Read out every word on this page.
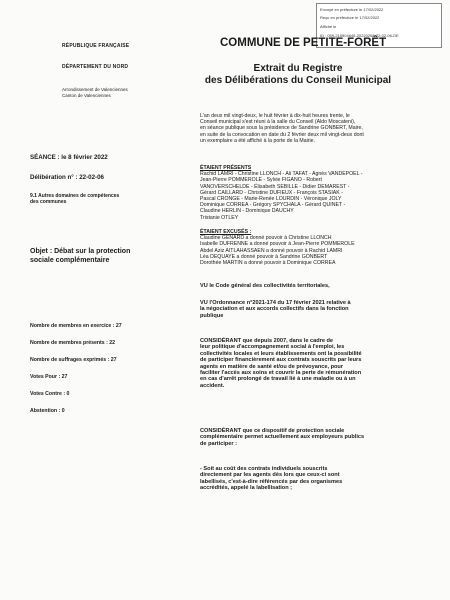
Envoyé en préfecture le 17/02/2022
Reçu en préfecture le 17/02/2022
Affiché le
ID : 059-215904645-20220208-22-02-06-DE
RÉPUBLIQUE FRANÇAISE
DÉPARTEMENT DU NORD
Arrondissement de Valenciennes
Canton de Valenciennes
COMMUNE DE PETITE-FORÊT
Extrait du Registre
des Délibérations du Conseil Municipal
L'an deux mil vingt-deux, le huit février à dix-huit heures trente, le
Conseil municipal s'est réuni à la salle du Conseil (Aldo Moscateni),
en séance publique sous la présidence de Sandrine GONBERT, Maire,
en suite de la convocation en date du 2 février deux mil vingt-deux dont
un exemplaire a été affiché à la porte de la Mairie.
SÉANCE : le 8 février 2022
Délibération n° : 22-02-06
9.1 Autres domaines de compétences
des communes
ÉTAIENT PRÉSENTS
Rachid LAMRI - Christine LLONCH - Ali TAFAT - Agnès VANDEPOEL -
Jean-Pierre POMMEROLE - Sylvie FIGANO - Robert
VANOVERSCHELDE - Élisabeth SEBILLE - Didier DEMAREST -
Gérard CAILLARD - Christine DUFIEUX - François STASIAK -
Pascal CRONGE - Marie-Renée LOURDIN - Véronique JOLY
Dominique CORREA - Grégory SPYCHALA - Gérard QUINET -
Claudine HERLIN - Dominique DAUCHY
Tristanie OTLEY
ÉTAIENT EXCUSÉS :
Claudine GENARD a donné pouvoir à Christine LLONCH
Isabelle DUFRENNE a donné pouvoir à Jean-Pierre POMMEROLE
Abdel Aziz AITLAHASSAEN a donné pouvoir à Rachid LAMRI
Léa DEQUAYE a donné pouvoir à Sandrine GONBERT
Dorothée MARTIN a donné pouvoir à Dominique CORREA
Objet : Débat sur la protection
sociale complémentaire
Nombre de membres en exercice : 27
Nombre de membres présents : 22
Nombre de suffrages exprimés : 27
Votes Pour : 27
Votes Contre : 0
Abstention : 0
VU le Code général des collectivités territoriales,
VU l'Ordonnance n°2021-174 du 17 février 2021 relative à
la négociation et aux accords collectifs dans la fonction
publique
CONSIDÉRANT que depuis 2007, dans le cadre de
leur politique d'accompagnement social à l'emploi, les
collectivités locales et leurs établissements ont la possibilité
de participer financièrement aux contrats souscrits par leurs
agents en matière de santé et/ou de prévoyance, pour
faciliter l'accès aux soins et couvrir la perte de rémunération
en cas d'arrêt prolongé de travail lié à une maladie ou à un
accident.
CONSIDÉRANT que ce dispositif de protection sociale
complémentaire permet actuellement aux employeurs publics
de participer :
- Soit au coût des contrats individuels souscrits
directement par les agents dès lors que ceux-ci sont
labellisés, c'est-à-dire référencés par des organismes
accrédités, appelé la labellisation ;
